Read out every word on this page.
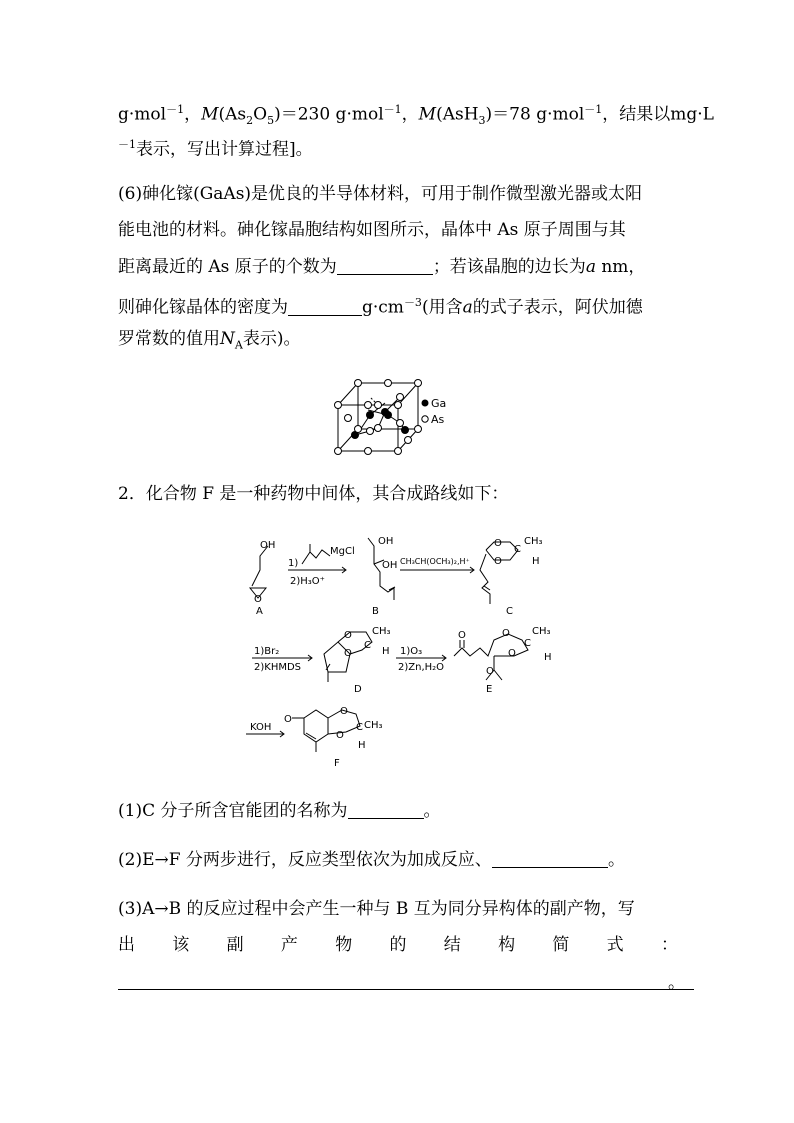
g·mol$^{-1}$，$M(As_2O_5)=230$ g·mol$^{-1}$，M(AsH$_3$)＝78 g·mol$^{-1}$，结果以mg·L
$^{-1}$表示，写出计算过程]。
(6)砷化镓(GaAs)是优良的半导体材料，可用于制作微型激光器或太阳
能电池的材料。砷化镓晶胞结构如图所示，晶体中 As 原子周围与其
距离最近的 As 原子的个数为	；若该晶胞的边长为a nm，
则砷化镓晶体的密度为	$g\cdot cm^{-3}$(用含a的式子表示，阿伏加德
罗常数的值用$N_A$表示)。
Ga
As
2．化合物 F 是一种药物中间体，其合成路线如下：
A
OH
O
1)
MgCl
2)H₃O⁺
OH
OH
B
CH₃CH(OCH₃)₂,H⁺
O
O
C
CH₃
H
C
1)Br₂
2)KHMDS
O
O
C
CH₃
H
D
1)O₃
2)Zn,H₂O
O	O
O
C
CH₃
H
O
E
KOH
O
O
O
C CH₃
H
F
(1)C 分子所含官能团的名称为	。
(2)E→F 分两步进行，反应类型依次为加成反应、	。
(3)A→B 的反应过程中会产生一种与 B 互为同分异构体的副产物，写
出 该 副 产 物 的 结 构 简 式 ：
。
